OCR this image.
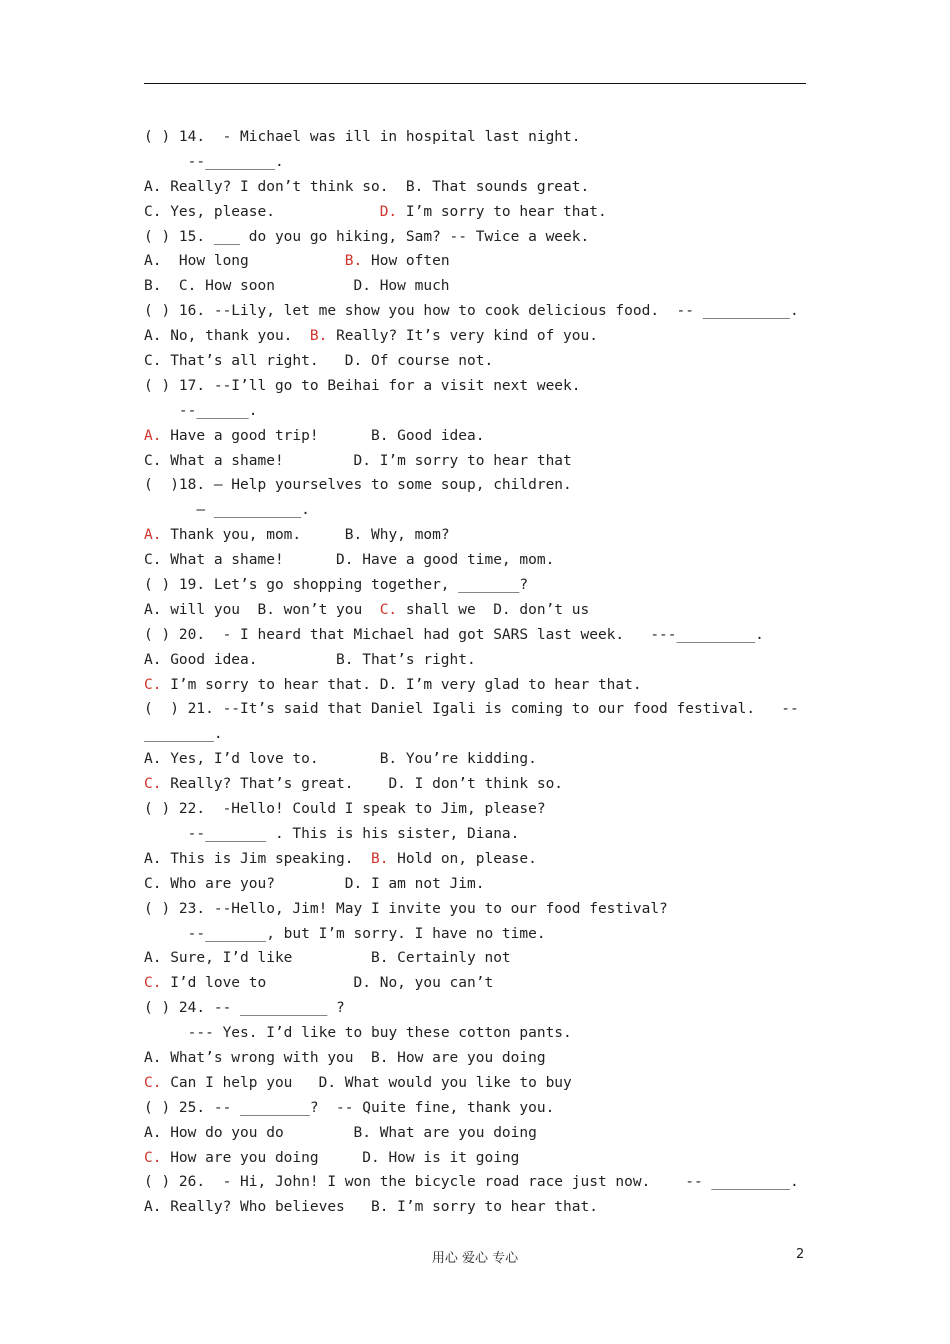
( ) 14.  - Michael was ill in hospital last night.
--________.
A. Really? I don’t think so.  B. That sounds great.
C. Yes, please.            D. I’m sorry to hear that.
( ) 15. ___ do you go hiking, Sam? -- Twice a week.
A.  How long           B. How often
B.  C. How soon         D. How much
( ) 16. --Lily, let me show you how to cook delicious food.  -- __________.
A. No, thank you.  B. Really? It’s very kind of you.
C. That’s all right.   D. Of course not.
( ) 17. --I’ll go to Beihai for a visit next week.
--______.
A. Have a good trip!      B. Good idea.
C. What a shame!        D. I’m sorry to hear that
(  )18. — Help yourselves to some soup, children.
— __________.
A. Thank you, mom.     B. Why, mom?
C. What a shame!      D. Have a good time, mom.
( ) 19. Let’s go shopping together, _______?
A. will you  B. won’t you  C. shall we  D. don’t us
( ) 20.  - I heard that Michael had got SARS last week.   ---_________.
A. Good idea.         B. That’s right.
C. I’m sorry to hear that. D. I’m very glad to hear that.
(  ) 21. --It’s said that Daniel Igali is coming to our food festival.   --
________.
A. Yes, I’d love to.       B. You’re kidding.
C. Really? That’s great.    D. I don’t think so.
( ) 22.  -Hello! Could I speak to Jim, please?
--_______ . This is his sister, Diana.
A. This is Jim speaking.  B. Hold on, please.
C. Who are you?        D. I am not Jim.
( ) 23. --Hello, Jim! May I invite you to our food festival?
--_______, but I’m sorry. I have no time.
A. Sure, I’d like         B. Certainly not
C. I’d love to          D. No, you can’t
( ) 24. -- __________ ?
--- Yes. I’d like to buy these cotton pants.
A. What’s wrong with you  B. How are you doing
C. Can I help you   D. What would you like to buy
( ) 25. -- ________?  -- Quite fine, thank you.
A. How do you do        B. What are you doing
C. How are you doing     D. How is it going
( ) 26.  - Hi, John! I won the bicycle road race just now.    -- _________.
A. Really? Who believes   B. I’m sorry to hear that.
用心 爱心 专心	2
